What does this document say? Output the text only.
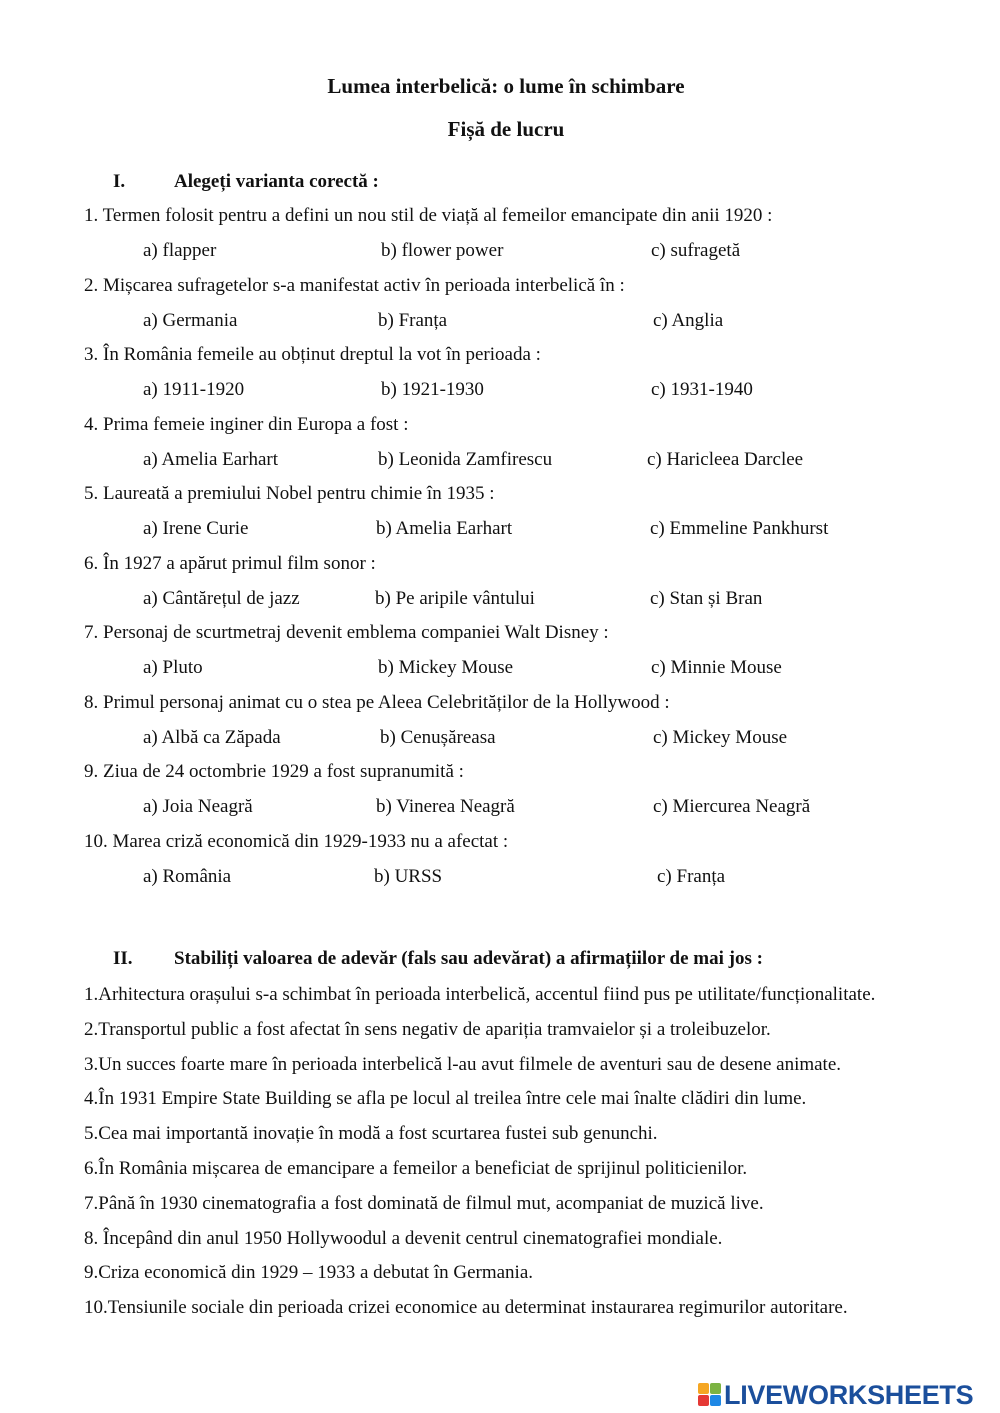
Lumea interbelică: o lume în schimbare
Fișă de lucru
I.	Alegeți varianta corectă :
1. Termen folosit pentru a defini un nou stil de viață al femeilor emancipate din anii 1920 :
a) flapper	b) flower power	c) sufragetă
2. Mișcarea sufragetelor s-a manifestat activ în perioada interbelică în :
a) Germania	b) Franța	c) Anglia
3. În România femeile au obținut dreptul la vot în perioada :
a) 1911-1920	b) 1921-1930	c) 1931-1940
4. Prima femeie inginer din Europa a fost :
a) Amelia Earhart	b) Leonida Zamfirescu	c) Haricleea Darclee
5. Laureată a premiului Nobel pentru chimie în 1935 :
a) Irene Curie	b) Amelia Earhart	c) Emmeline Pankhurst
6. În 1927 a apărut primul film sonor :
a) Cântărețul de jazz	b) Pe aripile vântului	c) Stan și Bran
7. Personaj de scurtmetraj devenit emblema companiei Walt Disney :
a) Pluto	b) Mickey Mouse	c) Minnie Mouse
8. Primul personaj animat cu o stea pe Aleea Celebrităților de la Hollywood :
a) Albă ca Zăpada	b) Cenușăreasa	c) Mickey Mouse
9. Ziua de 24 octombrie 1929 a fost supranumită :
a) Joia Neagră	b) Vinerea Neagră	c) Miercurea Neagră
10. Marea criză economică din 1929-1933 nu a afectat :
a) România	b) URSS	c) Franța
II. Stabiliți valoarea de adevăr (fals sau adevărat) a afirmațiilor de mai jos :
1.Arhitectura orașului s-a schimbat în perioada interbelică, accentul fiind pus pe utilitate/funcționalitate.
2.Transportul public a fost afectat în sens negativ de apariția tramvaielor și a troleibuzelor.
3.Un succes foarte mare în perioada interbelică l-au avut filmele de aventuri sau de desene animate.
4.În 1931 Empire State Building se afla pe locul al treilea între cele mai înalte clădiri din lume.
5.Cea mai importantă inovație în modă a fost scurtarea fustei sub genunchi.
6.În România mișcarea de emancipare a femeilor a beneficiat de sprijinul politicienilor.
7.Până în 1930 cinematografia a fost dominată de filmul mut, acompaniat de muzică live.
8. Începând din anul 1950 Hollywoodul a devenit centrul cinematografiei mondiale.
9.Criza economică din 1929 – 1933 a debutat în Germania.
10.Tensiunile sociale din perioada crizei economice au determinat instaurarea regimurilor autoritare.
LIVEWORKSHEETS
